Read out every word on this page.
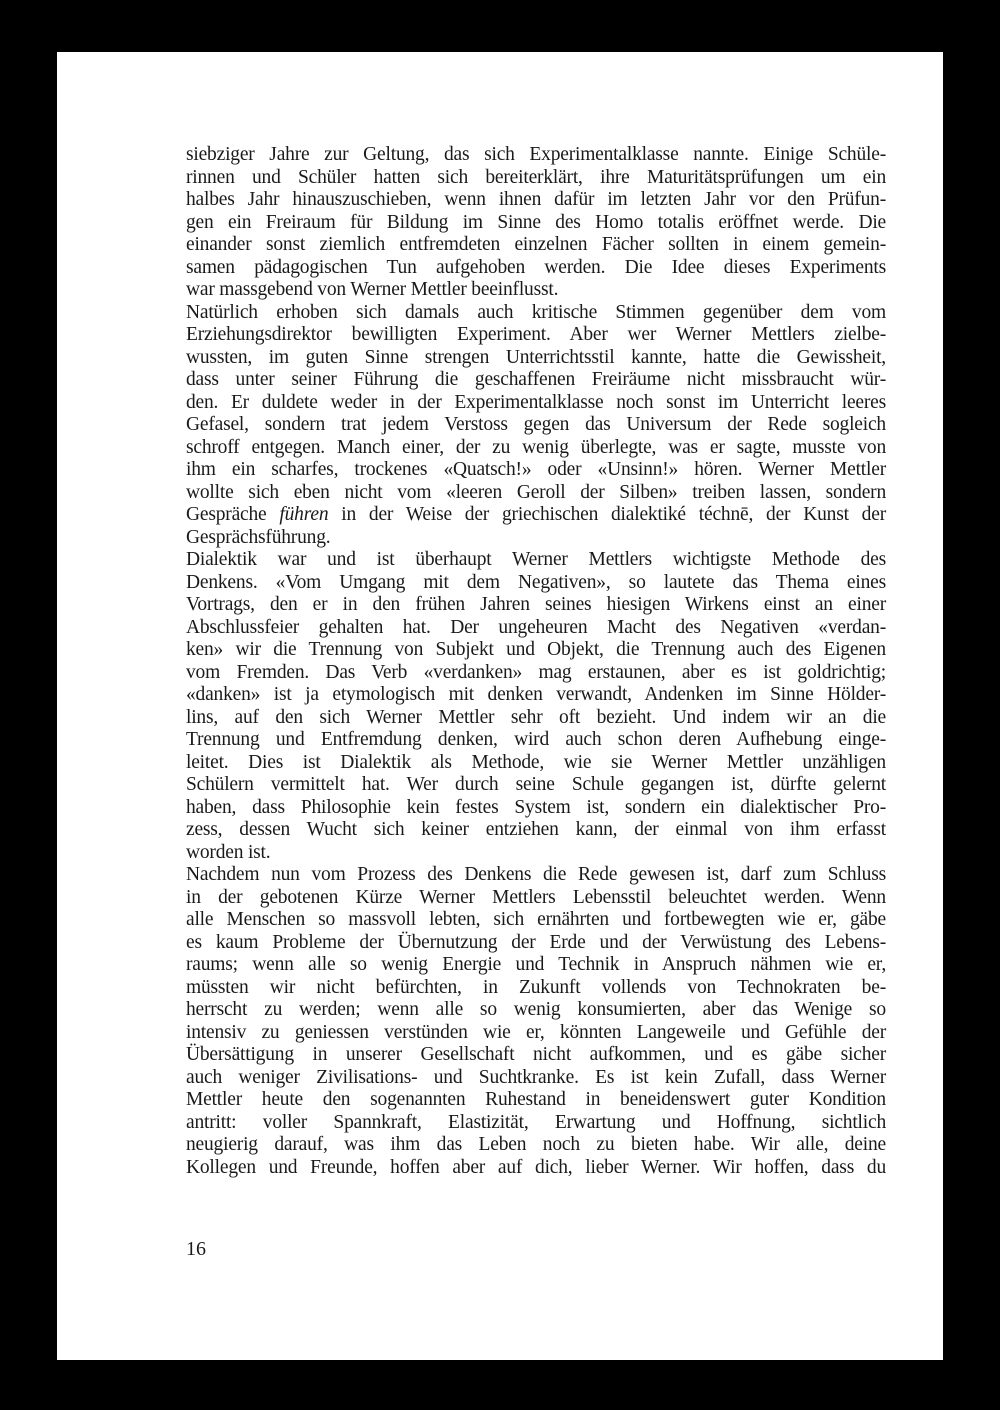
siebziger Jahre zur Geltung, das sich Experimentalklasse nannte. Einige Schüle-
rinnen und Schüler hatten sich bereiterklärt, ihre Maturitätsprüfungen um ein
halbes Jahr hinauszuschieben, wenn ihnen dafür im letzten Jahr vor den Prüfun-
gen ein Freiraum für Bildung im Sinne des Homo totalis eröffnet werde. Die
einander sonst ziemlich entfremdeten einzelnen Fächer sollten in einem gemein-
samen pädagogischen Tun aufgehoben werden. Die Idee dieses Experiments
war massgebend von Werner Mettler beeinflusst.
Natürlich erhoben sich damals auch kritische Stimmen gegenüber dem vom
Erziehungsdirektor bewilligten Experiment. Aber wer Werner Mettlers zielbe-
wussten, im guten Sinne strengen Unterrichtsstil kannte, hatte die Gewissheit,
dass unter seiner Führung die geschaffenen Freiräume nicht missbraucht wür-
den. Er duldete weder in der Experimentalklasse noch sonst im Unterricht leeres
Gefasel, sondern trat jedem Verstoss gegen das Universum der Rede sogleich
schroff entgegen. Manch einer, der zu wenig überlegte, was er sagte, musste von
ihm ein scharfes, trockenes «Quatsch!» oder «Unsinn!» hören. Werner Mettler
wollte sich eben nicht vom «leeren Geroll der Silben» treiben lassen, sondern
Gespräche führen in der Weise der griechischen dialektiké téchnē, der Kunst der
Gesprächsführung.
Dialektik war und ist überhaupt Werner Mettlers wichtigste Methode des
Denkens. «Vom Umgang mit dem Negativen», so lautete das Thema eines
Vortrags, den er in den frühen Jahren seines hiesigen Wirkens einst an einer
Abschlussfeier gehalten hat. Der ungeheuren Macht des Negativen «verdan-
ken» wir die Trennung von Subjekt und Objekt, die Trennung auch des Eigenen
vom Fremden. Das Verb «verdanken» mag erstaunen, aber es ist goldrichtig;
«danken» ist ja etymologisch mit denken verwandt, Andenken im Sinne Hölder-
lins, auf den sich Werner Mettler sehr oft bezieht. Und indem wir an die
Trennung und Entfremdung denken, wird auch schon deren Aufhebung einge-
leitet. Dies ist Dialektik als Methode, wie sie Werner Mettler unzähligen
Schülern vermittelt hat. Wer durch seine Schule gegangen ist, dürfte gelernt
haben, dass Philosophie kein festes System ist, sondern ein dialektischer Pro-
zess, dessen Wucht sich keiner entziehen kann, der einmal von ihm erfasst
worden ist.
Nachdem nun vom Prozess des Denkens die Rede gewesen ist, darf zum Schluss
in der gebotenen Kürze Werner Mettlers Lebensstil beleuchtet werden. Wenn
alle Menschen so massvoll lebten, sich ernährten und fortbewegten wie er, gäbe
es kaum Probleme der Übernutzung der Erde und der Verwüstung des Lebens-
raums; wenn alle so wenig Energie und Technik in Anspruch nähmen wie er,
müssten wir nicht befürchten, in Zukunft vollends von Technokraten be-
herrscht zu werden; wenn alle so wenig konsumierten, aber das Wenige so
intensiv zu geniessen verstünden wie er, könnten Langeweile und Gefühle der
Übersättigung in unserer Gesellschaft nicht aufkommen, und es gäbe sicher
auch weniger Zivilisations- und Suchtkranke. Es ist kein Zufall, dass Werner
Mettler heute den sogenannten Ruhestand in beneidenswert guter Kondition
antritt: voller Spannkraft, Elastizität, Erwartung und Hoffnung, sichtlich
neugierig darauf, was ihm das Leben noch zu bieten habe. Wir alle, deine
Kollegen und Freunde, hoffen aber auf dich, lieber Werner. Wir hoffen, dass du
16
